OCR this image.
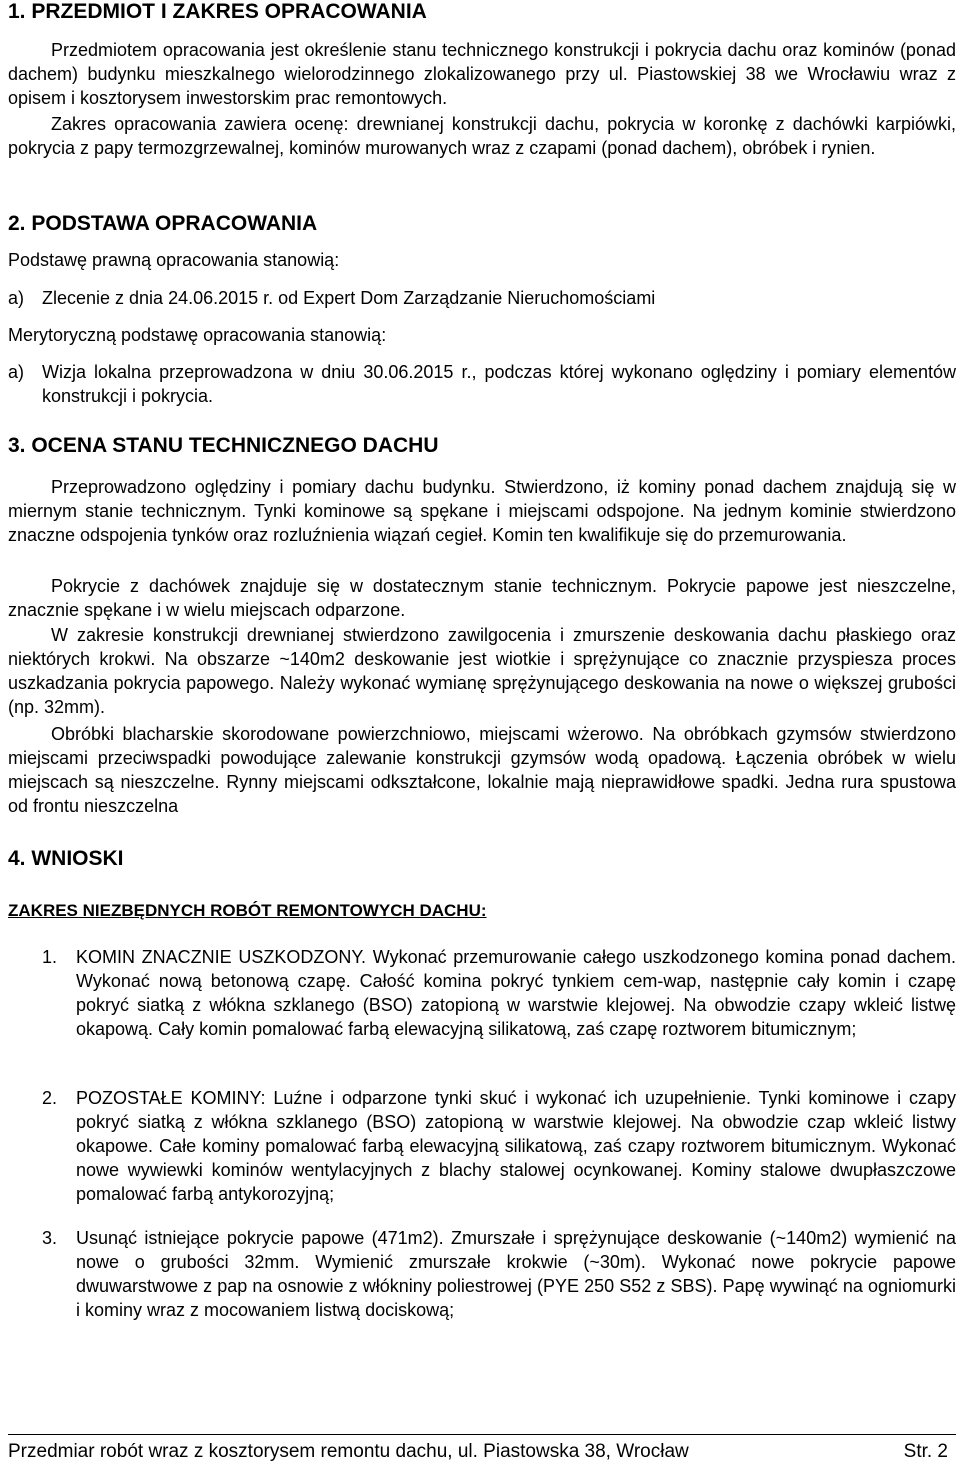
1. PRZEDMIOT I ZAKRES OPRACOWANIA

Przedmiotem opracowania jest określenie stanu technicznego konstrukcji i pokrycia dachu oraz kominów (ponad dachem) budynku mieszkalnego wielorodzinnego zlokalizowanego przy ul. Piastowskiej 38 we Wrocławiu wraz z opisem i kosztorysem inwestorskim prac remontowych.

Zakres opracowania zawiera ocenę: drewnianej konstrukcji dachu, pokrycia w koronkę z dachówki karpiówki, pokrycia z papy termozgrzewalnej, kominów murowanych wraz z czapami (ponad dachem), obróbek i rynien.

2. PODSTAWA OPRACOWANIA

Podstawę prawną opracowania stanowią:

a) Zlecenie z dnia 24.06.2015 r. od Expert Dom Zarządzanie Nieruchomościami

Merytoryczną podstawę opracowania stanowią:

a) Wizja lokalna przeprowadzona w dniu 30.06.2015 r., podczas której wykonano oględziny i pomiary elementów konstrukcji i pokrycia.
3. OCENA STANU TECHNICZNEGO DACHU

Przeprowadzono oględziny i pomiary dachu budynku. Stwierdzono, iż kominy ponad dachem znajdują się w miernym stanie technicznym. Tynki kominowe są spękane i miejscami odspojone. Na jednym kominie stwierdzono znaczne odspojenia tynków oraz rozluźnienia wiązań cegieł. Komin ten kwalifikuje się do przemurowania.

Pokrycie z dachówek znajduje się w dostatecznym stanie technicznym. Pokrycie papowe jest nieszczelne, znacznie spękane i w wielu miejscach odparzone.

W zakresie konstrukcji drewnianej stwierdzono zawilgocenia i zmurszenie deskowania dachu płaskiego oraz niektórych krokwi. Na obszarze ~140m2 deskowanie jest wiotkie i sprężynujące co znacznie przyspiesza proces uszkadzania pokrycia papowego. Należy wykonać wymianę sprężynującego deskowania na nowe o większej grubości (np. 32mm).

Obróbki blacharskie skorodowane powierzchniowo, miejscami wżerowo. Na obróbkach gzymsów stwierdzono miejscami przeciwspadki powodujące zalewanie konstrukcji gzymsów wodą opadową. Łączenia obróbek w wielu miejscach są nieszczelne. Rynny miejscami odkształcone, lokalnie mają nieprawidłowe spadki. Jedna rura spustowa od frontu nieszczelna

4. WNIOSKI

ZAKRES NIEZBĘDNYCH ROBÓT REMONTOWYCH DACHU:

1. KOMIN ZNACZNIE USZKODZONY. Wykonać przemurowanie całego uszkodzonego komina ponad dachem. Wykonać nową betonową czapę. Całość komina pokryć tynkiem cem-wap, następnie cały komin i czapę pokryć siatką z włókna szklanego (BSO) zatopioną w warstwie klejowej. Na obwodzie czapy wkleić listwę okapową. Cały komin pomalować farbą elewacyjną silikatową, zaś czapę roztworem bitumicznym;
2. POZOSTAŁE KOMINY: Luźne i odparzone tynki skuć i wykonać ich uzupełnienie. Tynki kominowe i czapy pokryć siatką z włókna szklanego (BSO) zatopioną w warstwie klejowej. Na obwodzie czap wkleić listwy okapowe. Całe kominy pomalować farbą elewacyjną silikatową, zaś czapy roztworem bitumicznym. Wykonać nowe wywiewki kominów wentylacyjnych z blachy stalowej ocynkowanej. Kominy stalowe dwupłaszczowe pomalować farbą antykorozyjną;
3. Usunąć istniejące pokrycie papowe (471m2). Zmurszałe i sprężynujące deskowanie (~140m2) wymienić na nowe o grubości 32mm. Wymienić zmurszałe krokwie (~30m). Wykonać nowe pokrycie papowe dwuwarstwowe z pap na osnowie z włókniny poliestrowej (PYE 250 S52 z SBS). Papę wywinąć na ogniomurki i kominy wraz z mocowaniem listwą dociskową;
Przedmiar robót wraz z kosztorysem remontu dachu, ul. Piastowska 38, Wrocław	Str. 2
